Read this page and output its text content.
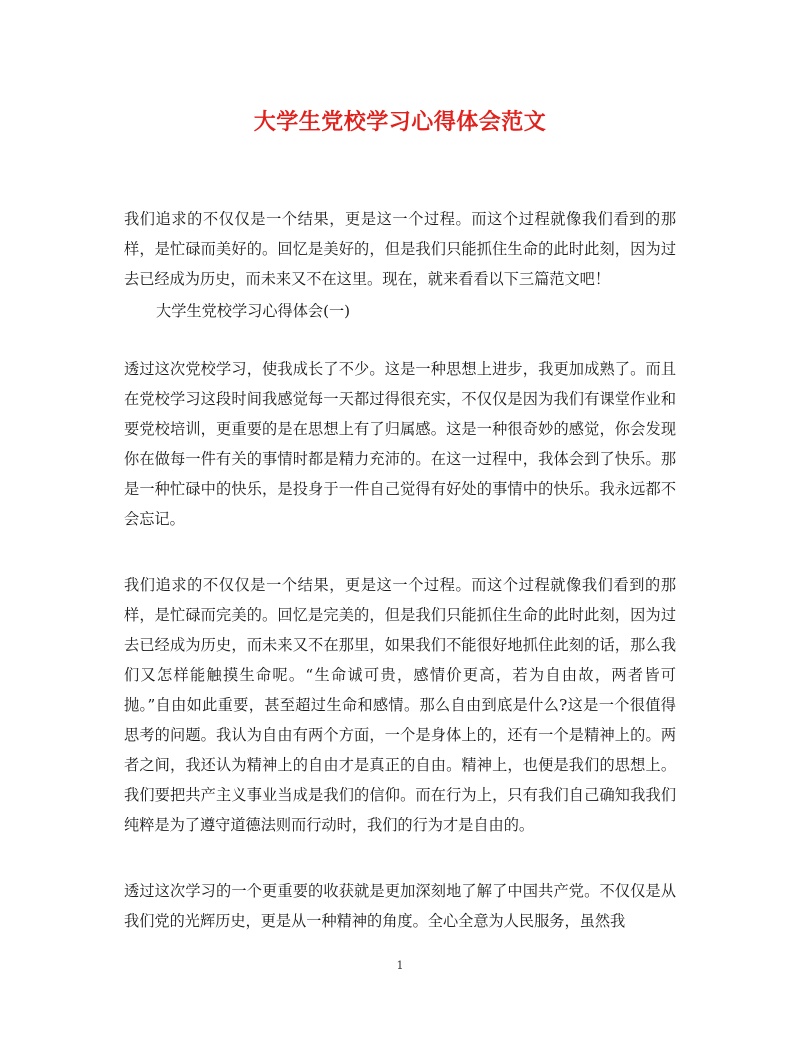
大学生党校学习心得体会范文
我们追求的不仅仅是一个结果，更是这一个过程。而这个过程就像我们看到的那样，是忙碌而美好的。回忆是美好的，但是我们只能抓住生命的此时此刻，因为过去已经成为历史，而未来又不在这里。现在，就来看看以下三篇范文吧！
大学生党校学习心得体会(一)
透过这次党校学习，使我成长了不少。这是一种思想上进步，我更加成熟了。而且在党校学习这段时间我感觉每一天都过得很充实，不仅仅是因为我们有课堂作业和要党校培训，更重要的是在思想上有了归属感。这是一种很奇妙的感觉，你会发现你在做每一件有关的事情时都是精力充沛的。在这一过程中，我体会到了快乐。那是一种忙碌中的快乐，是投身于一件自己觉得有好处的事情中的快乐。我永远都不会忘记。
我们追求的不仅仅是一个结果，更是这一个过程。而这个过程就像我们看到的那样，是忙碌而完美的。回忆是完美的，但是我们只能抓住生命的此时此刻，因为过去已经成为历史，而未来又不在那里，如果我们不能很好地抓住此刻的话，那么我们又怎样能触摸生命呢。“生命诚可贵，感情价更高，若为自由故，两者皆可抛。”自由如此重要，甚至超过生命和感情。那么自由到底是什么?这是一个很值得思考的问题。我认为自由有两个方面，一个是身体上的，还有一个是精神上的。两者之间，我还认为精神上的自由才是真正的自由。精神上，也便是我们的思想上。我们要把共产主义事业当成是我们的信仰。而在行为上，只有我们自己确知我我们纯粹是为了遵守道德法则而行动时，我们的行为才是自由的。
透过这次学习的一个更重要的收获就是更加深刻地了解了中国共产党。不仅仅是从我们党的光辉历史，更是从一种精神的角度。全心全意为人民服务，虽然我
1
